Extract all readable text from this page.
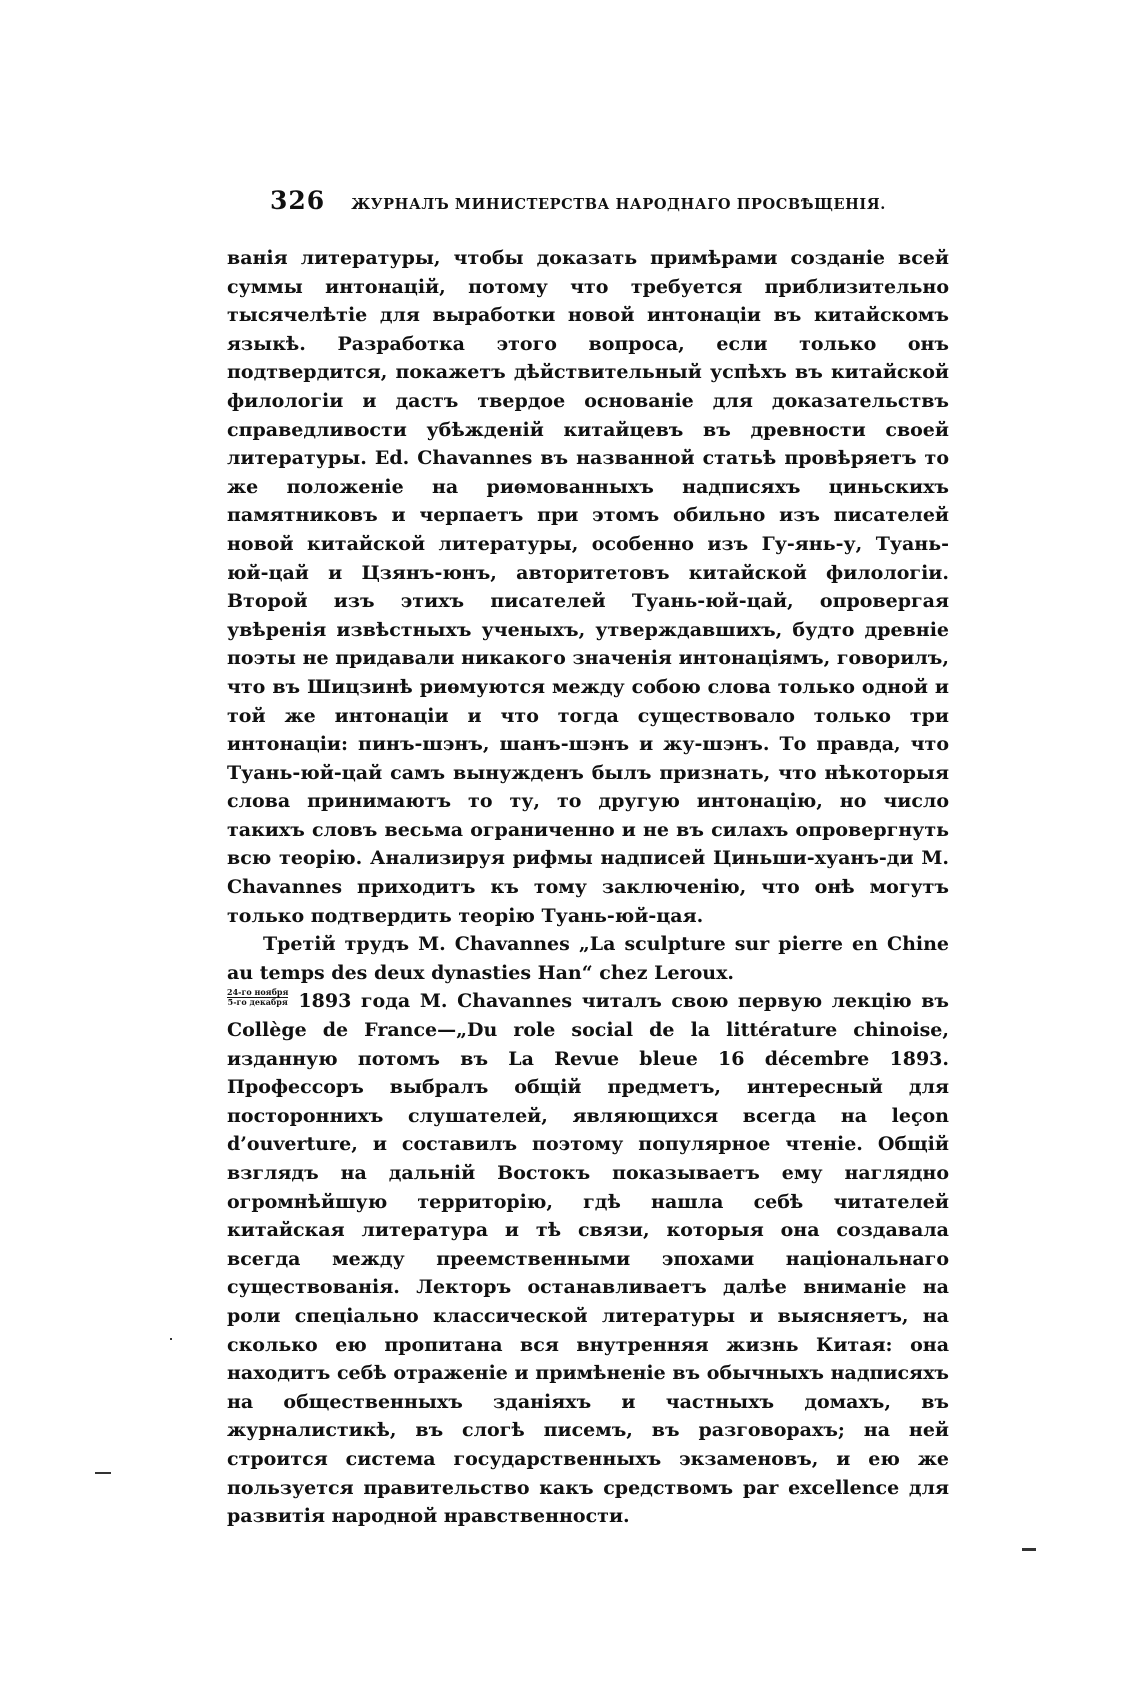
326 ЖУРНАЛЪ МИНИСТЕРСТВА НАРОДНАГО ПРОСВѢЩЕНІЯ.

ванія литературы, чтобы доказать примѣрами созданіе всей суммы интонацій, потому что требуется приблизительно тысячелѣтіе для выработки новой интонаціи въ китайскомъ языкѣ. Разработка этого вопроса, если только онъ подтвердится, покажетъ дѣйствительный успѣхъ въ китайской филологіи и дастъ твердое основаніе для доказательствъ справедливости убѣжденій китайцевъ въ древности своей литературы. Ed. Chavannes въ названной статьѣ провѣряетъ то же положеніе на риѳмованныхъ надписяхъ циньскихъ памятниковъ и черпаетъ при этомъ обильно изъ писателей новой китайской литературы, особенно изъ Гу-янь-у, Туань-юй-цай и Цзянъ-юнъ, авторитетовъ китайской филологіи. Второй изъ этихъ писателей Туань-юй-цай, опровергая увѣренія извѣстныхъ ученыхъ, утверждавшихъ, будто древніе поэты не придавали никакого значенія интонаціямъ, говорилъ, что въ Шицзинѣ риѳмуются между собою слова только одной и той же интонаціи и что тогда существовало только три интонаціи: пинъ-шэнъ, шанъ-шэнъ и жу-шэнъ. То правда, что Туань-юй-цай самъ вынужденъ былъ признать, что нѣкоторыя слова принимаютъ то ту, то другую интонацію, но число такихъ словъ весьма ограниченно и не въ силахъ опровергнуть всю теорію. Анализируя рифмы надписей Циньши-хуанъ-ди М. Chavannes приходитъ къ тому заключенію, что онѣ могутъ только подтвердить теорію Туань-юй-цая.

Третій трудъ М. Chavannes „La sculpture sur pierre en Chine au temps des deux dynasties Han“ chez Leroux.

24-го ноября
5-го декабря 1893 года М. Chavannes читалъ свою первую лекцію въ Collège de France—„Du role social de la littérature chinoise, изданную потомъ въ La Revue bleue 16 décembre 1893. Профессоръ выбралъ общій предметъ, интересный для постороннихъ слушателей, являющихся всегда на leçon d’ouverture, и составилъ поэтому популярное чтеніе. Общій взглядъ на дальній Востокъ показываетъ ему наглядно огромнѣйшую территорію, гдѣ нашла себѣ читателей китайская литература и тѣ связи, которыя она создавала всегда между преемственными эпохами національнаго существованія. Лекторъ останавливаетъ далѣе вниманіе на роли спеціально классической литературы и выясняетъ, на сколько ею пропитана вся внутренняя жизнь Китая: она находитъ себѣ отраженіе и примѣненіе въ обычныхъ надписяхъ на общественныхъ зданіяхъ и частныхъ домахъ, въ журналистикѣ, въ слогѣ писемъ, въ разговорахъ; на ней строится система государственныхъ экзаменовъ, и ею же пользуется правительство какъ средствомъ par excellence для развитія народной нравственности.
